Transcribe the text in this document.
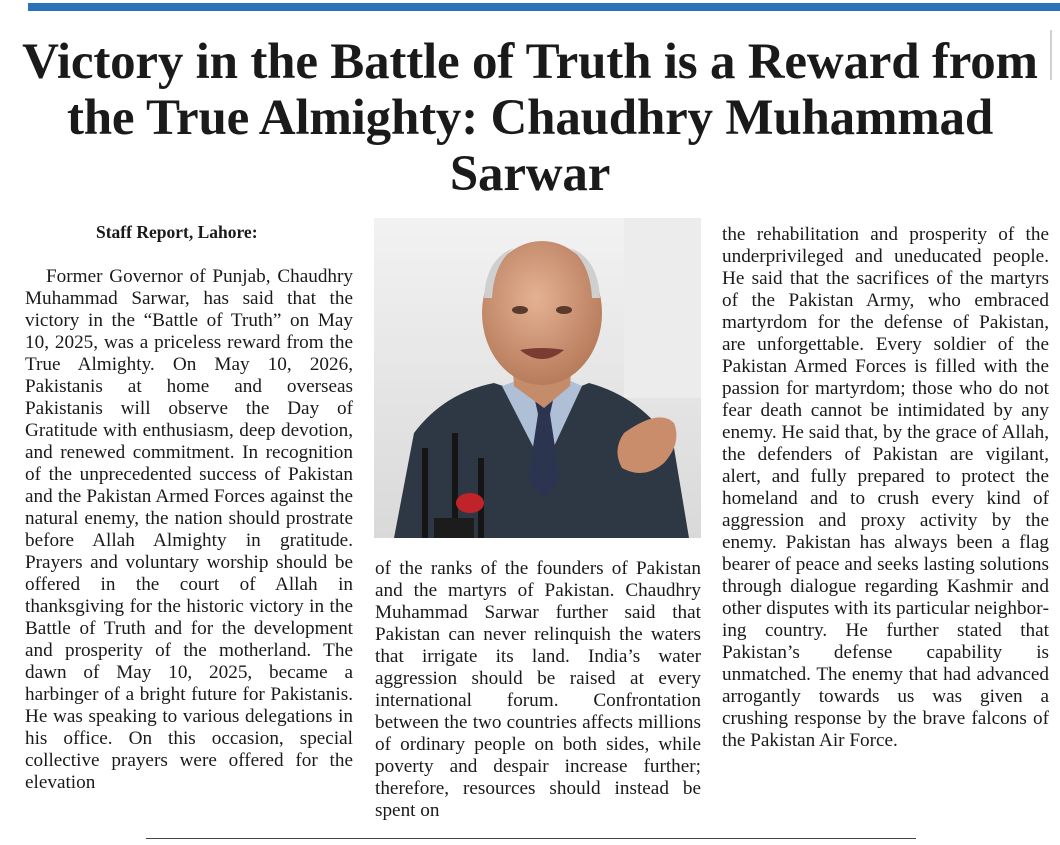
Victory in the Battle of Truth is a Reward from the True Almighty: Chaudhry Muhammad Sarwar

Staff Report, Lahore:

Former Governor of Punjab, Chaudhry Muhammad Sarwar, has said that the victory in the “Battle of Truth” on May 10, 2025, was a priceless reward from the True Almighty. On May 10, 2026, Pakistanis at home and overseas Pakistanis will observe the Day of Gratitude with enthusiasm, deep devotion, and renewed commitment. In recognition of the unprecedented success of Pakistan and the Pakistan Armed Forces against the natural enemy, the nation should prostrate before Allah Almighty in gratitude. Prayers and voluntary worship should be offered in the court of Allah in thanksgiving for the historic victory in the Battle of Truth and for the development and prosperity of the motherland. The dawn of May 10, 2025, became a harbinger of a bright future for Pakistanis. He was speaking to various delegations in his office. On this occasion, special collective prayers were offered for the elevation

of the ranks of the founders of Pakistan and the martyrs of Pakistan. Chaudhry Muhammad Sarwar further said that Pakistan can never relinquish the waters that irrigate its land. India’s water aggression should be raised at every international forum. Confrontation between the two countries affects millions of ordinary people on both sides, while poverty and despair increase further; therefore, resources should instead be spent on

the rehabilitation and prosperity of the underprivileged and uneducated people. He said that the sacrifices of the martyrs of the Pakistan Army, who embraced martyrdom for the defense of Pakistan, are unforgettable. Every soldier of the Pakistan Armed Forces is filled with the passion for martyrdom; those who do not fear death cannot be intimidated by any enemy. He said that, by the grace of Allah, the defenders of Pakistan are vigilant, alert, and fully prepared to protect the homeland and to crush every kind of aggression and proxy activity by the enemy. Pakistan has always been a flag bearer of peace and seeks lasting solutions through dialogue regarding Kashmir and other disputes with its particular neighboring country. He further stated that Pakistan’s defense capability is unmatched. The enemy that had advanced arrogantly towards us was given a crushing response by the brave falcons of the Pakistan Air Force.
